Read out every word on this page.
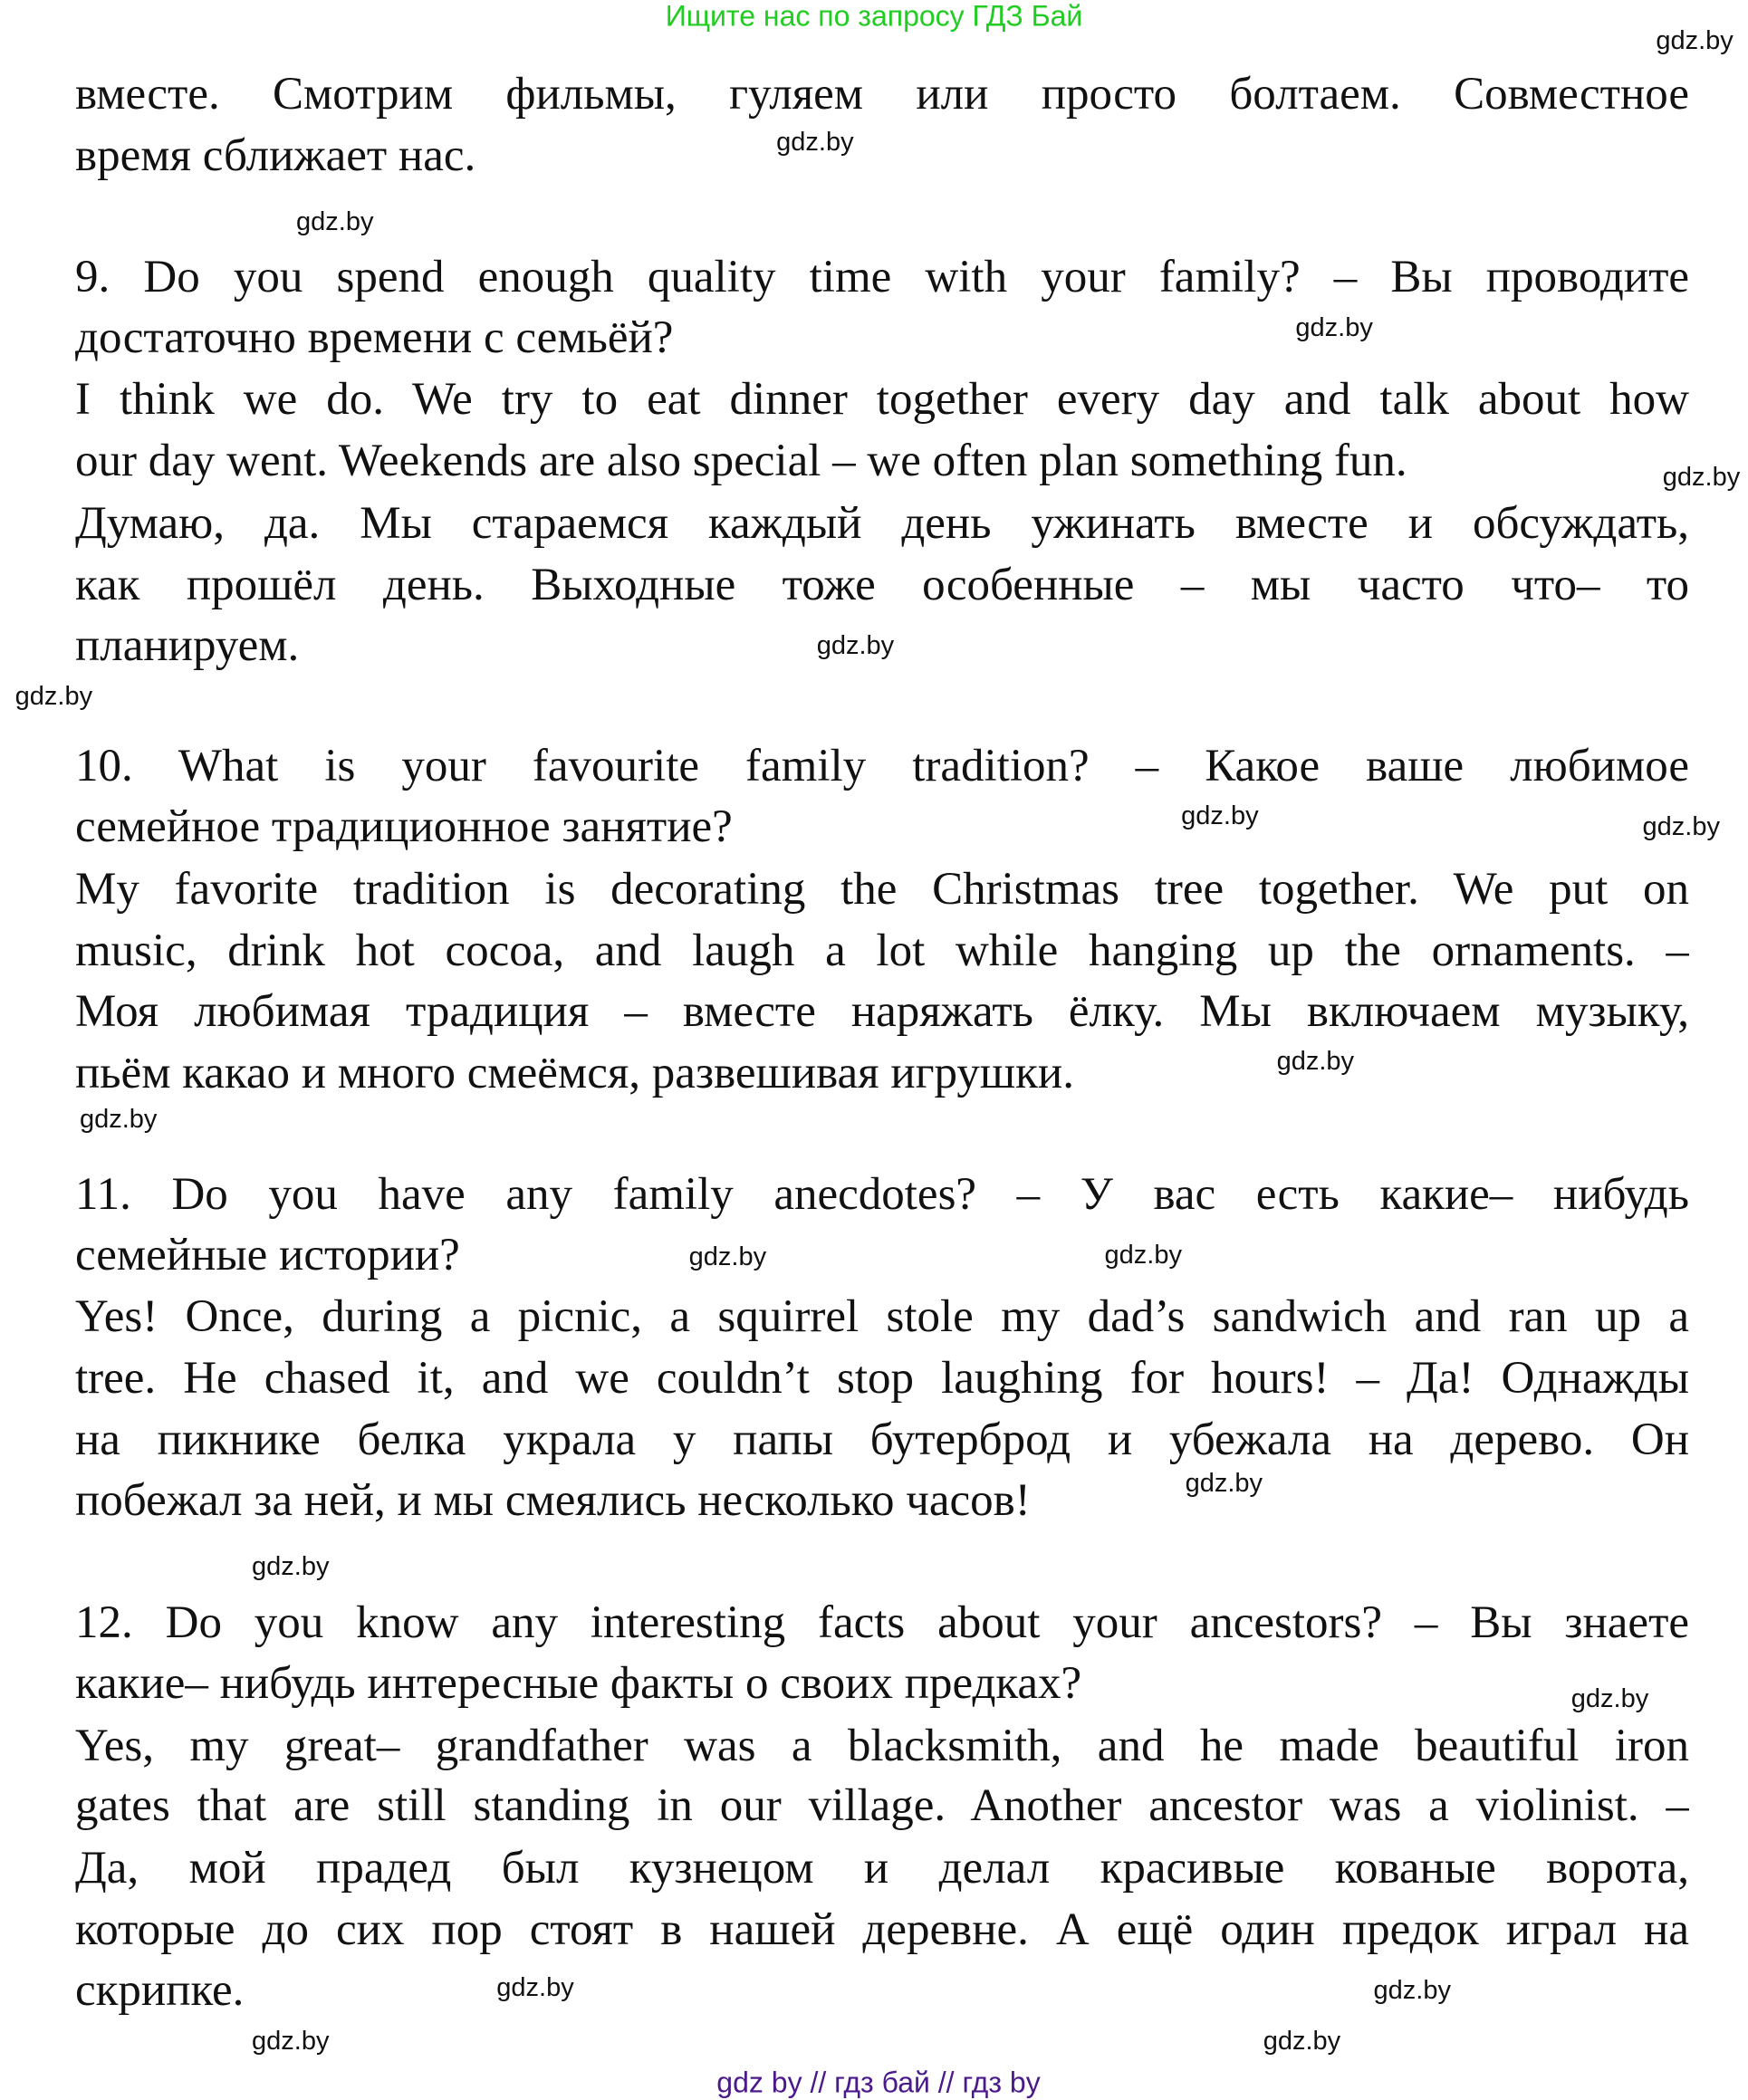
Ищите нас по запросу ГДЗ Бай
вместе. Смотрим фильмы, гуляем или просто болтаем. Совместное
время сближает нас.
9. Do you spend enough quality time with your family? – Вы проводите
достаточно времени с семьёй?
I think we do. We try to eat dinner together every day and talk about how
our day went. Weekends are also special – we often plan something fun.
Думаю, да. Мы стараемся каждый день ужинать вместе и обсуждать,
как прошёл день. Выходные тоже особенные – мы часто что– то
планируем.
10. What is your favourite family tradition? – Какое ваше любимое
семейное традиционное занятие?
My favorite tradition is decorating the Christmas tree together. We put on
music, drink hot cocoa, and laugh a lot while hanging up the ornaments. –
Моя любимая традиция – вместе наряжать ёлку. Мы включаем музыку,
пьём какао и много смеёмся, развешивая игрушки.
11. Do you have any family anecdotes? – У вас есть какие– нибудь
семейные истории?
Yes! Once, during a picnic, a squirrel stole my dad’s sandwich and ran up a
tree. He chased it, and we couldn’t stop laughing for hours! – Да! Однажды
на пикнике белка украла у папы бутерброд и убежала на дерево. Он
побежал за ней, и мы смеялись несколько часов!
12. Do you know any interesting facts about your ancestors? – Вы знаете
какие– нибудь интересные факты о своих предках?
Yes, my great– grandfather was a blacksmith, and he made beautiful iron
gates that are still standing in our village. Another ancestor was a violinist. –
Да, мой прадед был кузнецом и делал красивые кованые ворота,
которые до сих пор стоят в нашей деревне. А ещё один предок играл на
скрипке.
gdz.by
gdz.by
gdz.by
gdz.by
gdz.by
gdz.by
gdz.by
gdz.by	gdz.by
gdz.by
gdz.by
gdz.by	gdz.by
gdz.by
gdz.by
gdz.by
gdz.by
gdz.by
gdz.by	gdz.by
gdz by // гдз бай // гдз by
